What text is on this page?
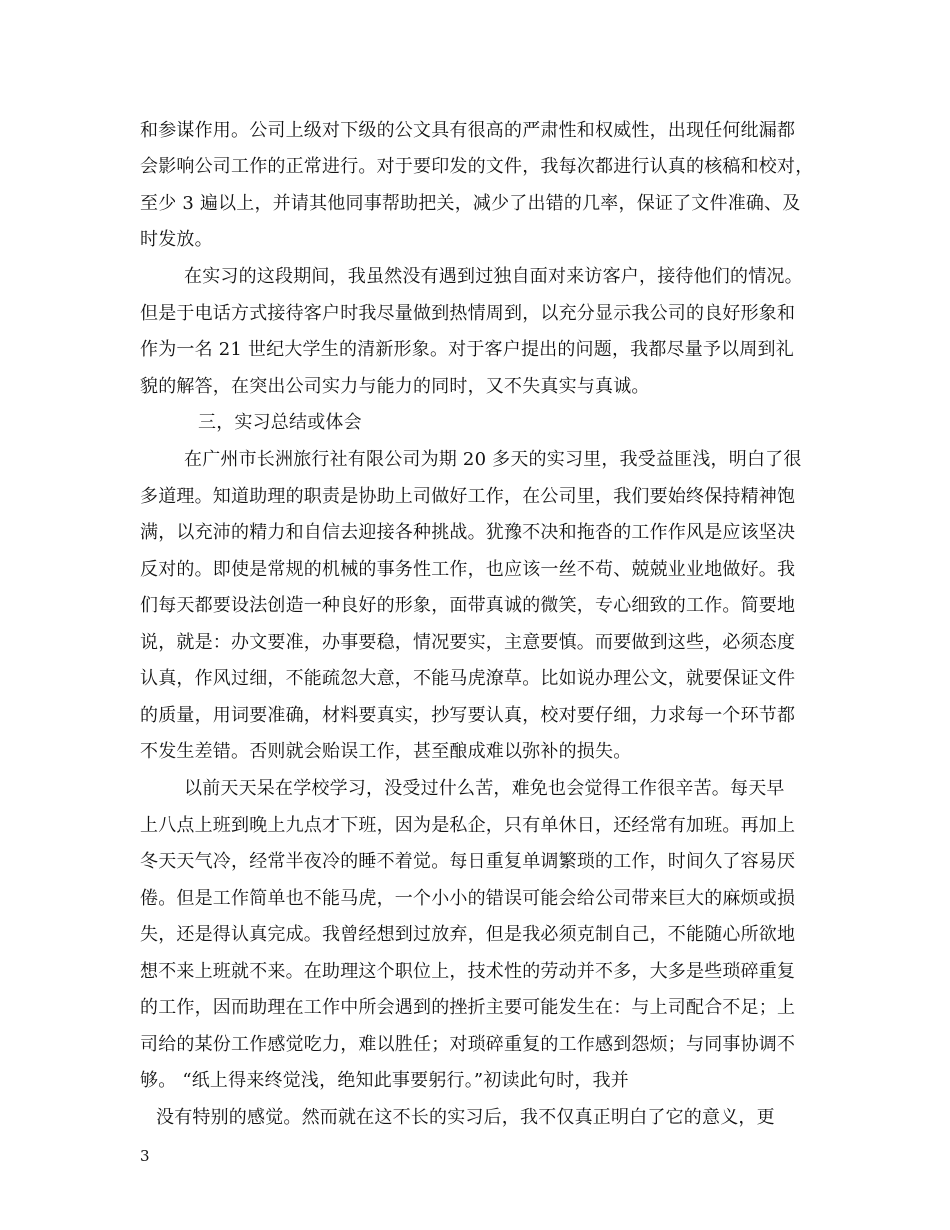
和参谋作用。公司上级对下级的公文具有很高的严肃性和权威性，出现任何纰漏都
会影响公司工作的正常进行。对于要印发的文件，我每次都进行认真的核稿和校对，
至少 3 遍以上，并请其他同事帮助把关，减少了出错的几率，保证了文件准确、及
时发放。
在实习的这段期间，我虽然没有遇到过独自面对来访客户，接待他们的情况。
但是于电话方式接待客户时我尽量做到热情周到，以充分显示我公司的良好形象和
作为一名 21 世纪大学生的清新形象。对于客户提出的问题，我都尽量予以周到礼
貌的解答，在突出公司实力与能力的同时，又不失真实与真诚。
三，实习总结或体会
在广州市长洲旅行社有限公司为期 20 多天的实习里，我受益匪浅，明白了很
多道理。知道助理的职责是协助上司做好工作，在公司里，我们要始终保持精神饱
满，以充沛的精力和自信去迎接各种挑战。犹豫不决和拖沓的工作作风是应该坚决
反对的。即使是常规的机械的事务性工作，也应该一丝不苟、兢兢业业地做好。我
们每天都要设法创造一种良好的形象，面带真诚的微笑，专心细致的工作。简要地
说，就是：办文要准，办事要稳，情况要实，主意要慎。而要做到这些，必须态度
认真，作风过细，不能疏忽大意，不能马虎潦草。比如说办理公文，就要保证文件
的质量，用词要准确，材料要真实，抄写要认真，校对要仔细，力求每一个环节都
不发生差错。否则就会贻误工作，甚至酿成难以弥补的损失。
以前天天呆在学校学习，没受过什么苦，难免也会觉得工作很辛苦。每天早
上八点上班到晚上九点才下班，因为是私企，只有单休日，还经常有加班。再加上
冬天天气冷，经常半夜冷的睡不着觉。每日重复单调繁琐的工作，时间久了容易厌
倦。但是工作简单也不能马虎，一个小小的错误可能会给公司带来巨大的麻烦或损
失，还是得认真完成。我曾经想到过放弃，但是我必须克制自己，不能随心所欲地
想不来上班就不来。在助理这个职位上，技术性的劳动并不多，大多是些琐碎重复
的工作，因而助理在工作中所会遇到的挫折主要可能发生在：与上司配合不足；上
司给的某份工作感觉吃力，难以胜任；对琐碎重复的工作感到怨烦；与同事协调不
够。 “纸上得来终觉浅，绝知此事要躬行。”初读此句时，我并
没有特别的感觉。然而就在这不长的实习后，我不仅真正明白了它的意义，更
3
